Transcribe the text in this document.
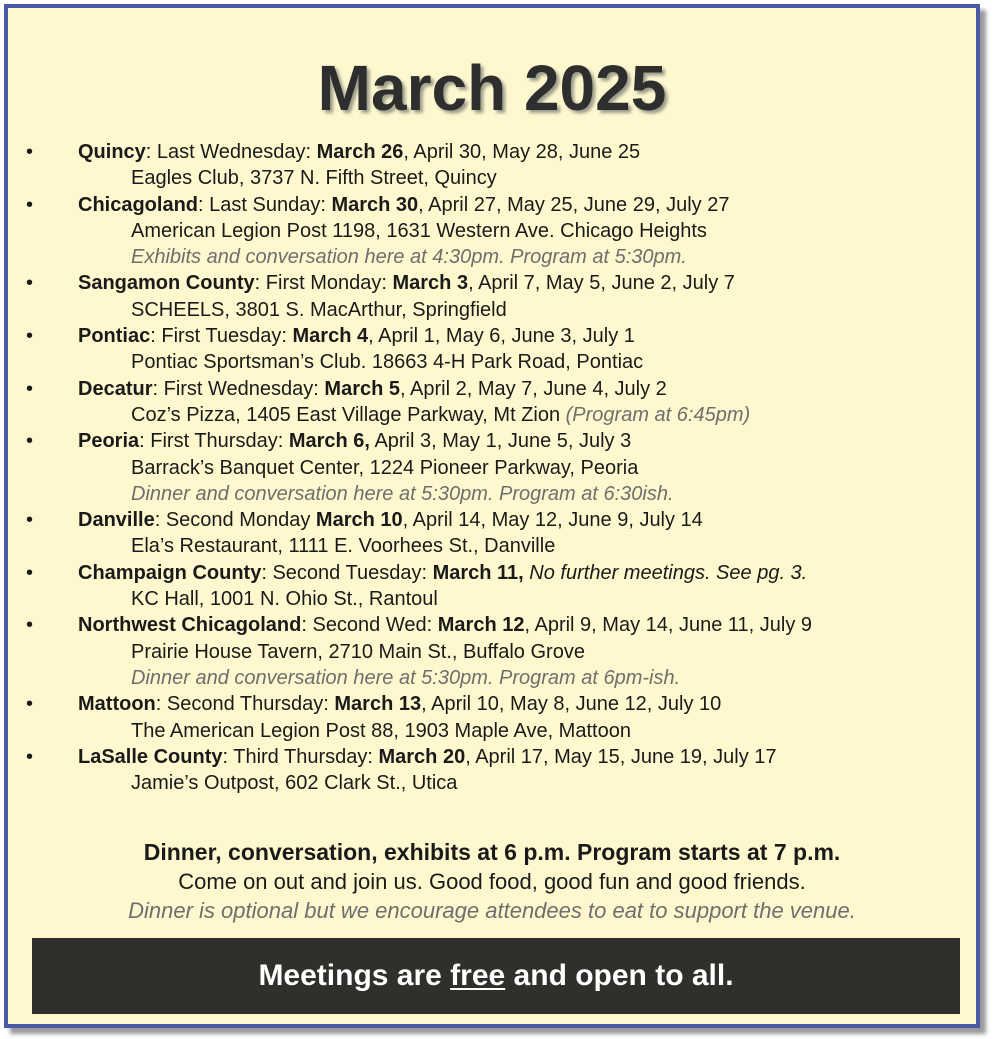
March 2025
• Quincy: Last Wednesday: March 26, April 30, May 28, June 25
Eagles Club, 3737 N. Fifth Street, Quincy
• Chicagoland: Last Sunday: March 30, April 27, May 25, June 29, July 27
American Legion Post 1198, 1631 Western Ave. Chicago Heights
Exhibits and conversation here at 4:30pm. Program at 5:30pm.
• Sangamon County: First Monday: March 3, April 7, May 5, June 2, July 7
SCHEELS, 3801 S. MacArthur, Springfield
• Pontiac: First Tuesday: March 4, April 1, May 6, June 3, July 1
Pontiac Sportsman’s Club. 18663 4-H Park Road, Pontiac
• Decatur: First Wednesday: March 5, April 2, May 7, June 4, July 2
Coz’s Pizza, 1405 East Village Parkway, Mt Zion (Program at 6:45pm)
• Peoria: First Thursday: March 6, April 3, May 1, June 5, July 3
Barrack’s Banquet Center, 1224 Pioneer Parkway, Peoria
Dinner and conversation here at 5:30pm. Program at 6:30ish.
• Danville: Second Monday March 10, April 14, May 12, June 9, July 14
Ela’s Restaurant, 1111 E. Voorhees St., Danville
• Champaign County: Second Tuesday: March 11, No further meetings. See pg. 3.
KC Hall, 1001 N. Ohio St., Rantoul
• Northwest Chicagoland: Second Wed: March 12, April 9, May 14, June 11, July 9
Prairie House Tavern, 2710 Main St., Buffalo Grove
Dinner and conversation here at 5:30pm. Program at 6pm-ish.
• Mattoon: Second Thursday: March 13, April 10, May 8, June 12, July 10
The American Legion Post 88, 1903 Maple Ave, Mattoon
• LaSalle County: Third Thursday: March 20, April 17, May 15, June 19, July 17
Jamie’s Outpost, 602 Clark St., Utica
Dinner, conversation, exhibits at 6 p.m. Program starts at 7 p.m.
Come on out and join us. Good food, good fun and good friends.
Dinner is optional but we encourage attendees to eat to support the venue.
Meetings are free and open to all.
